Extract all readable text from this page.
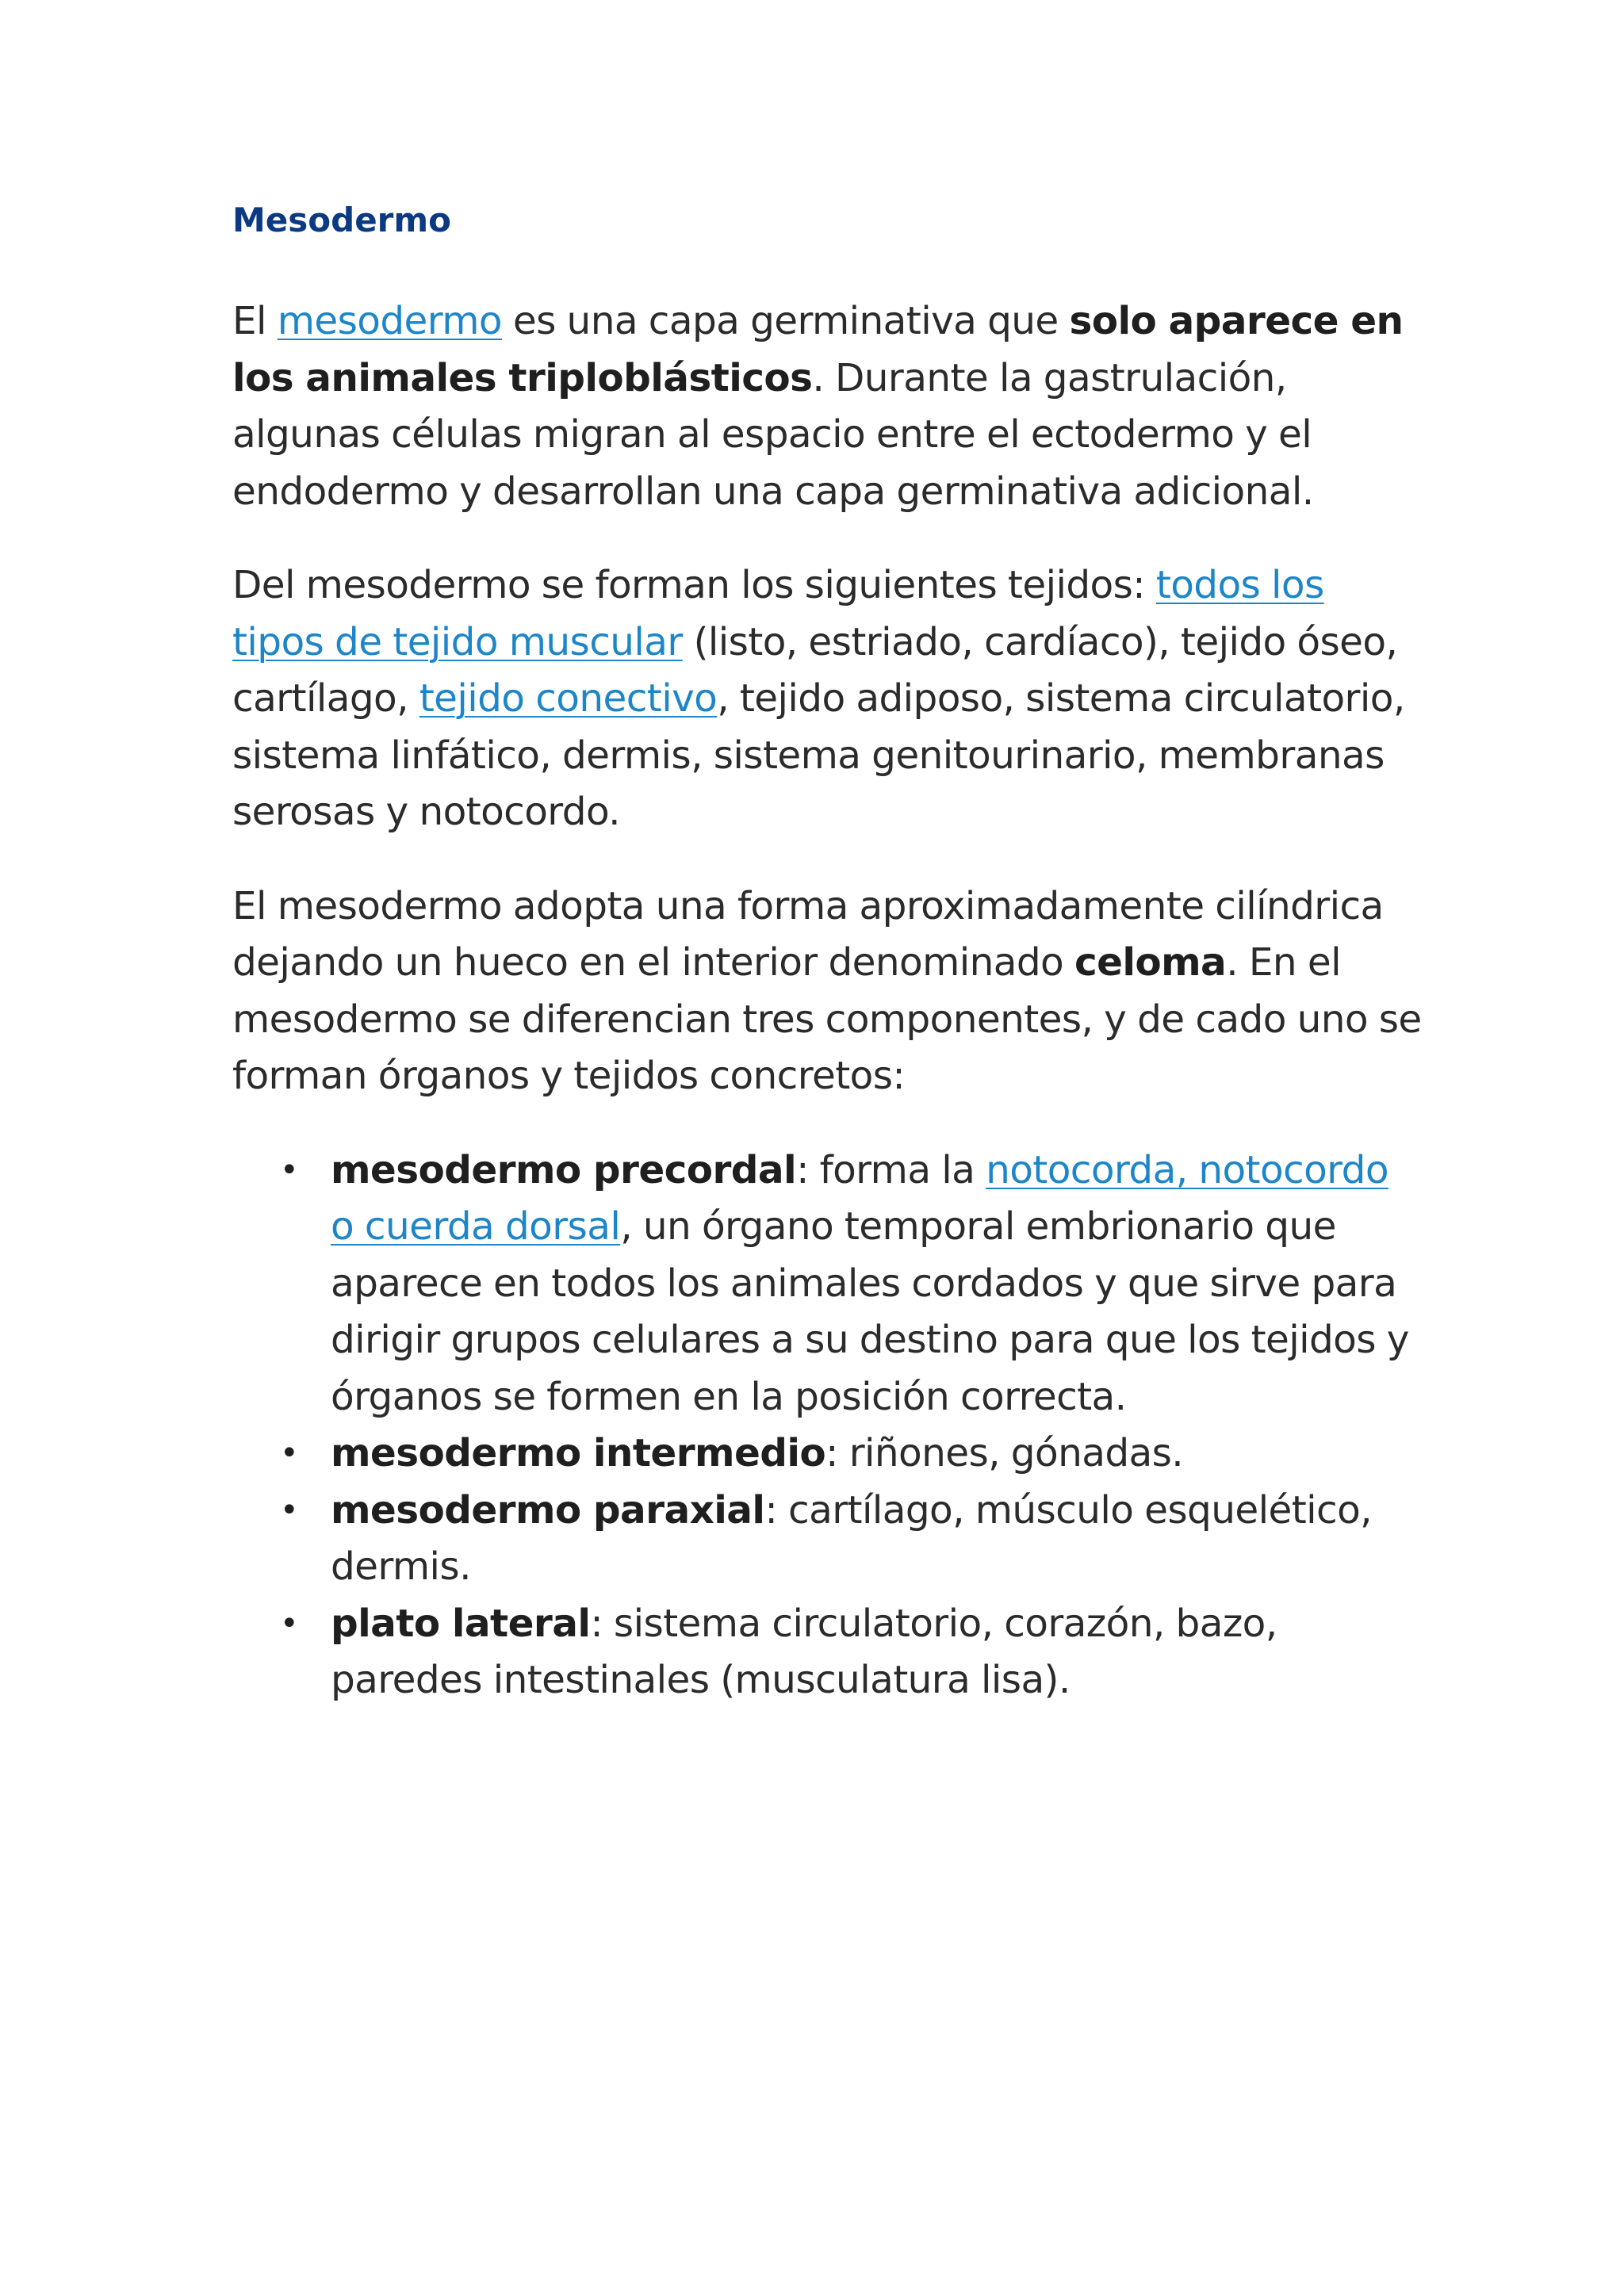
Mesodermo

El mesodermo es una capa germinativa que solo aparece en los animales triploblásticos. Durante la gastrulación, algunas células migran al espacio entre el ectodermo y el endodermo y desarrollan una capa germinativa adicional.

Del mesodermo se forman los siguientes tejidos: todos los tipos de tejido muscular (listo, estriado, cardíaco), tejido óseo, cartílago, tejido conectivo, tejido adiposo, sistema circulatorio, sistema linfático, dermis, sistema genitourinario, membranas serosas y notocordo.

El mesodermo adopta una forma aproximadamente cilíndrica dejando un hueco en el interior denominado celoma. En el mesodermo se diferencian tres componentes, y de cado uno se forman órganos y tejidos concretos:

• mesodermo precordal: forma la notocorda, notocordo o cuerda dorsal, un órgano temporal embrionario que aparece en todos los animales cordados y que sirve para dirigir grupos celulares a su destino para que los tejidos y órganos se formen en la posición correcta.
• mesodermo intermedio: riñones, gónadas.
• mesodermo paraxial: cartílago, músculo esquelético, dermis.
• plato lateral: sistema circulatorio, corazón, bazo, paredes intestinales (musculatura lisa).
